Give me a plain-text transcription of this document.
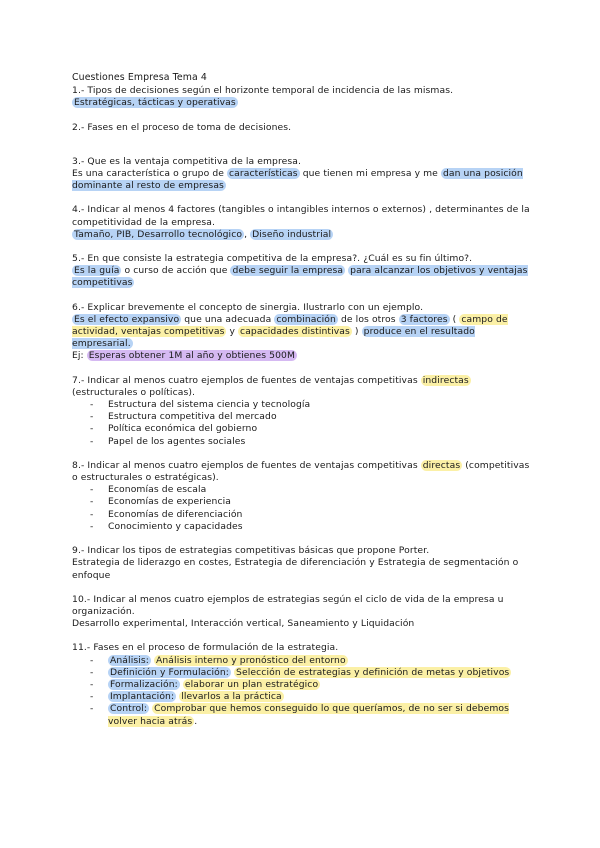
Cuestiones Empresa Tema 4
1.- Tipos de decisiones según el horizonte temporal de incidencia de las mismas.
Estratégicas, tácticas y operativas
2.- Fases en el proceso de toma de decisiones.
3.- Que es la ventaja competitiva de la empresa.
Es una característica o grupo de características que tienen mi empresa y me dan una posición dominante al resto de empresas
4.- Indicar al menos 4 factores (tangibles o intangibles internos o externos) , determinantes de la competitividad de la empresa.
Tamaño, PIB, Desarrollo tecnológico , Diseño industrial
5.- En que consiste la estrategia competitiva de la empresa?. ¿Cuál es su fin último?.
Es la guía o curso de acción que debe seguir la empresa para alcanzar los objetivos y ventajas competitivas
6.- Explicar brevemente el concepto de sinergia. Ilustrarlo con un ejemplo.
Es el efecto expansivo que una adecuada combinación de los otros 3 factores ( campo de actividad, ventajas competitivas y capacidades distintivas ) produce en el resultado empresarial.
Ej: Esperas obtener 1M al año y obtienes 500M
7.- Indicar al menos cuatro ejemplos de fuentes de ventajas competitivas indirectas (estructurales o políticas).
- Estructura del sistema ciencia y tecnología
- Estructura competitiva del mercado
- Política económica del gobierno
- Papel de los agentes sociales
8.- Indicar al menos cuatro ejemplos de fuentes de ventajas competitivas directas (competitivas o estructurales o estratégicas).
- Economías de escala
- Economías de experiencia
- Economías de diferenciación
- Conocimiento y capacidades
9.- Indicar los tipos de estrategias competitivas básicas que propone Porter.
Estrategia de liderazgo en costes, Estrategia de diferenciación y Estrategia de segmentación o enfoque
10.- Indicar al menos cuatro ejemplos de estrategias según el ciclo de vida de la empresa u organización.
Desarrollo experimental, Interacción vertical, Saneamiento y Liquidación
11.- Fases en el proceso de formulación de la estrategia.
- Análisis: Análisis interno y pronóstico del entorno
- Definición y Formulación: Selección de estrategias y definición de metas y objetivos
- Formalización: elaborar un plan estratégico
- Implantación: llevarlos a la práctica
- Control: Comprobar que hemos conseguido lo que queríamos, de no ser si debemos volver hacia atrás .
